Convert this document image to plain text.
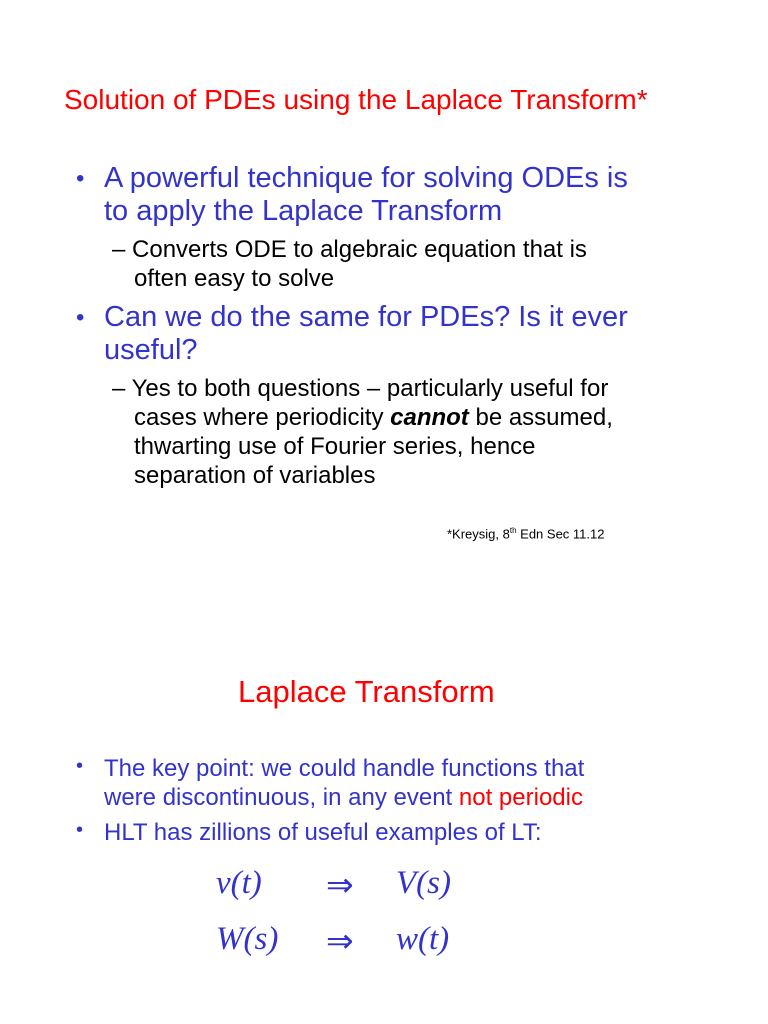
Solution of PDEs using the Laplace Transform*
• A powerful technique for solving ODEs is
to apply the Laplace Transform
– Converts ODE to algebraic equation that is
often easy to solve
• Can we do the same for PDEs? Is it ever
useful?
– Yes to both questions – particularly useful for
cases where periodicity cannot be assumed,
thwarting use of Fourier series, hence
separation of variables
*Kreysig, 8th Edn Sec 11.12
Laplace Transform
• The key point: we could handle functions that
were discontinuous, in any event not periodic
• HLT has zillions of useful examples of LT:
v(t) ⇒ V(s)
W(s) ⇒ w(t)
